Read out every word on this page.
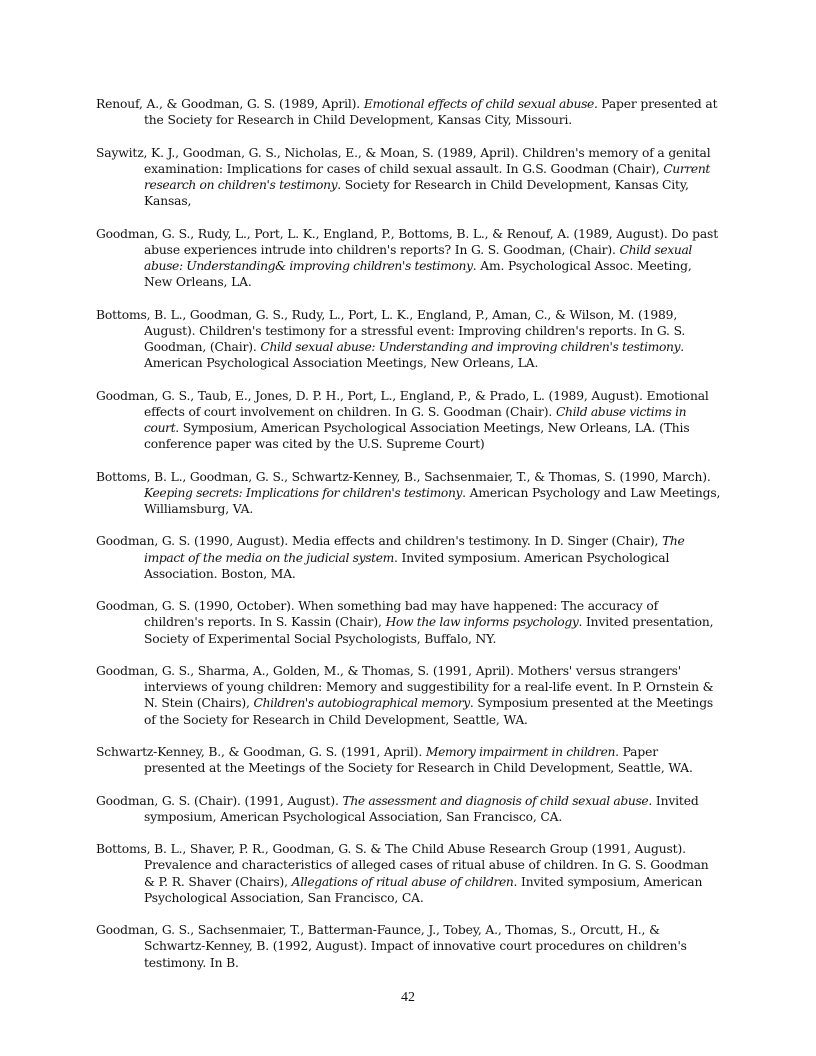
Renouf, A., & Goodman, G. S. (1989, April). Emotional effects of child sexual abuse. Paper presented at the Society for Research in Child Development, Kansas City, Missouri.

Saywitz, K. J., Goodman, G. S., Nicholas, E., & Moan, S. (1989, April). Children's memory of a genital examination: Implications for cases of child sexual assault. In G.S. Goodman (Chair), Current research on children's testimony. Society for Research in Child Development, Kansas City, Kansas,

Goodman, G. S., Rudy, L., Port, L. K., England, P., Bottoms, B. L., & Renouf, A. (1989, August). Do past abuse experiences intrude into children's reports? In G. S. Goodman, (Chair). Child sexual abuse: Understanding& improving children's testimony. Am. Psychological Assoc. Meeting, New Orleans, LA.

Bottoms, B. L., Goodman, G. S., Rudy, L., Port, L. K., England, P., Aman, C., & Wilson, M. (1989, August). Children's testimony for a stressful event: Improving children's reports. In G. S. Goodman, (Chair). Child sexual abuse: Understanding and improving children's testimony. American Psychological Association Meetings, New Orleans, LA.

Goodman, G. S., Taub, E., Jones, D. P. H., Port, L., England, P., & Prado, L. (1989, August). Emotional effects of court involvement on children. In G. S. Goodman (Chair). Child abuse victims in court. Symposium, American Psychological Association Meetings, New Orleans, LA. (This conference paper was cited by the U.S. Supreme Court)

Bottoms, B. L., Goodman, G. S., Schwartz-Kenney, B., Sachsenmaier, T., & Thomas, S. (1990, March). Keeping secrets: Implications for children's testimony. American Psychology and Law Meetings, Williamsburg, VA.

Goodman, G. S. (1990, August). Media effects and children's testimony. In D. Singer (Chair), The impact of the media on the judicial system. Invited symposium. American Psychological Association. Boston, MA.

Goodman, G. S. (1990, October). When something bad may have happened: The accuracy of children's reports. In S. Kassin (Chair), How the law informs psychology. Invited presentation, Society of Experimental Social Psychologists, Buffalo, NY.

Goodman, G. S., Sharma, A., Golden, M., & Thomas, S. (1991, April). Mothers' versus strangers' interviews of young children: Memory and suggestibility for a real-life event. In P. Ornstein & N. Stein (Chairs), Children's autobiographical memory. Symposium presented at the Meetings of the Society for Research in Child Development, Seattle, WA.

Schwartz-Kenney, B., & Goodman, G. S. (1991, April). Memory impairment in children. Paper presented at the Meetings of the Society for Research in Child Development, Seattle, WA.

Goodman, G. S. (Chair). (1991, August). The assessment and diagnosis of child sexual abuse. Invited symposium, American Psychological Association, San Francisco, CA.

Bottoms, B. L., Shaver, P. R., Goodman, G. S. & The Child Abuse Research Group (1991, August). Prevalence and characteristics of alleged cases of ritual abuse of children. In G. S. Goodman & P. R. Shaver (Chairs), Allegations of ritual abuse of children. Invited symposium, American Psychological Association, San Francisco, CA.

Goodman, G. S., Sachsenmaier, T., Batterman-Faunce, J., Tobey, A., Thomas, S., Orcutt, H., & Schwartz-Kenney, B. (1992, August). Impact of innovative court procedures on children's testimony. In B.

42
